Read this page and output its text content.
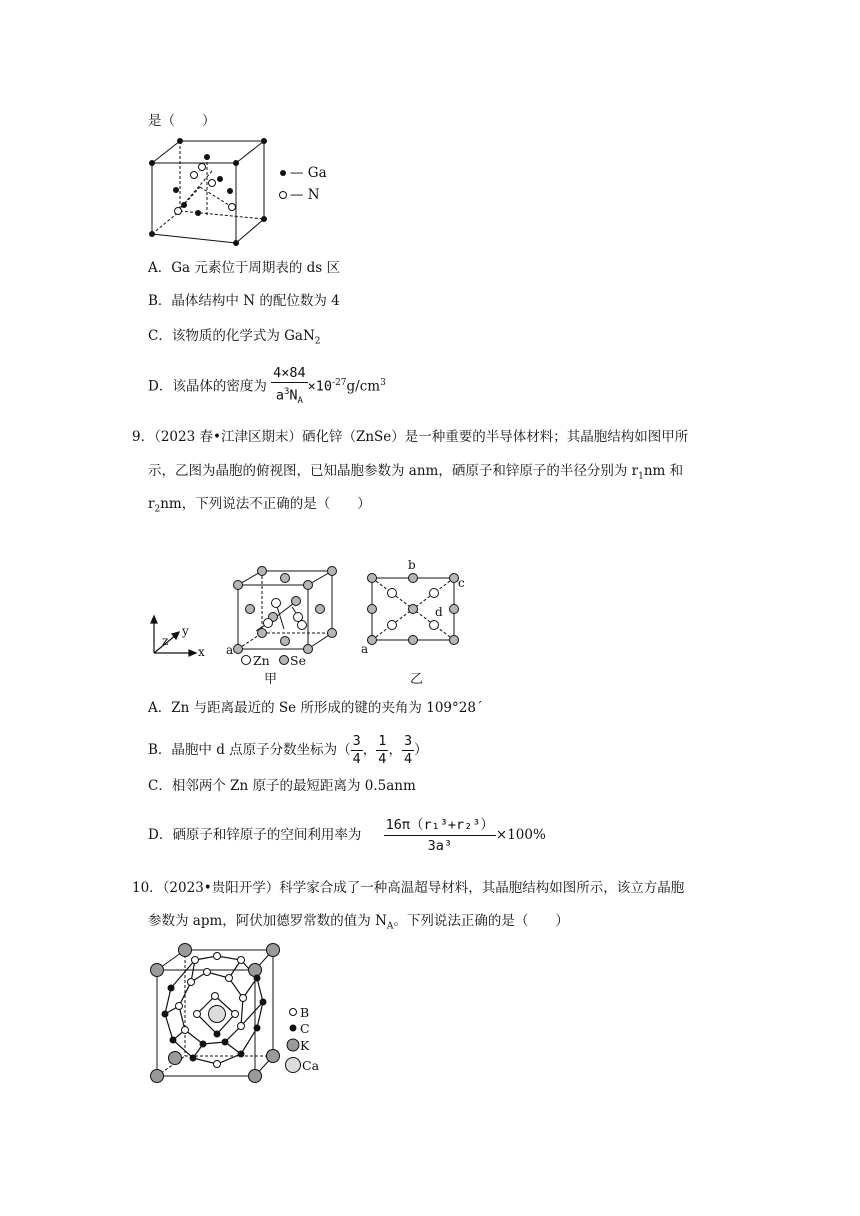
是（　　）
— Ga
— N
A．Ga 元素位于周期表的 ds 区
B．晶体结构中 N 的配位数为 4
C．该物质的化学式为 GaN$_2$
D．该晶体的密度为 $\frac{4\times 84}{a^3N_A} \times 10^{-27}g/cm^3$
9．（2023 春•江津区期末）硒化锌（ZnSe）是一种重要的半导体材料；其晶胞结构如图甲所
示，乙图为晶胞的俯视图，已知晶胞参数为 anm，硒原子和锌原子的半径分别为 $r_1nm$ 和
$r_2nm$，下列说法不正确的是（　　）
z
y
x a
Zn Se
甲
b
c
d
a
乙
A．Zn 与距离最近的 Se 所形成的键的夹角为 109°28´
B．晶胞中 d 点原子分数坐标为（ $\frac{3}{4}$ ， $\frac{1}{4}$ ， $\frac{3}{4}$ ）
C．相邻两个 Zn 原子的最短距离为 0.5anm
D．硒原子和锌原子的空间利用率为 $\frac{\text{16π（r₁³+r₂³）}}{\text{3a³}} \times 100\%$
10．（2023•贵阳开学）科学家合成了一种高温超导材料，其晶胞结构如图所示，该立方晶胞
参数为 apm，阿伏加德罗常数的值为 $N_A$。下列说法正确的是（　　）
B
C
K
Ca
